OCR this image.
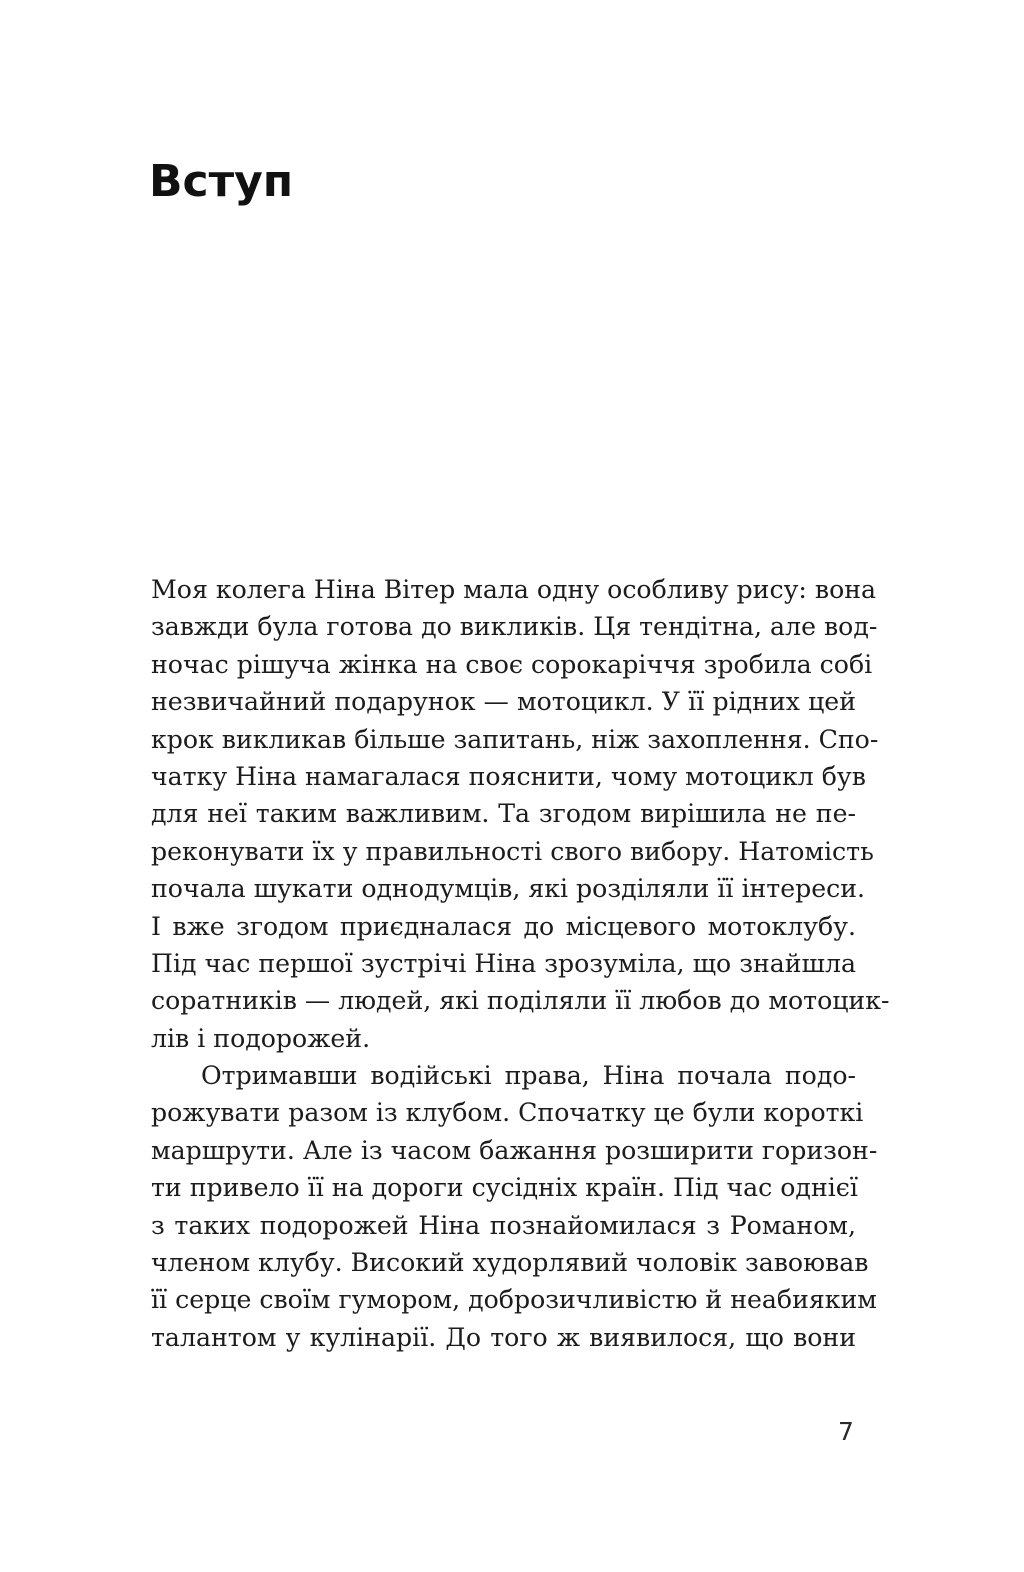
Вступ
Моя колега Ніна Вітер мала одну особливу рису: вона
завжди була готова до викликів. Ця тендітна, але вод-
ночас рішуча жінка на своє сорокаріччя зробила собі
незвичайний подарунок — мотоцикл. У її рідних цей
крок викликав більше запитань, ніж захоплення. Спо-
чатку Ніна намагалася пояснити, чому мотоцикл був
для неї таким важливим. Та згодом вирішила не пе-
реконувати їх у правильності свого вибору. Натомість
почала шукати однодумців, які розділяли її інтереси.
І вже згодом приєдналася до місцевого мотоклубу.
Під час першої зустрічі Ніна зрозуміла, що знайшла
соратників — людей, які поділяли її любов до мотоцик-
лів і подорожей.
Отримавши водійські права, Ніна почала подо-
рожувати разом із клубом. Спочатку це були короткі
маршрути. Але із часом бажання розширити горизон-
ти привело її на дороги сусідніх країн. Під час однієї
з таких подорожей Ніна познайомилася з Романом,
членом клубу. Високий худорлявий чоловік завоював
її серце своїм гумором, доброзичливістю й неабияким
талантом у кулінарії. До того ж виявилося, що вони
7
